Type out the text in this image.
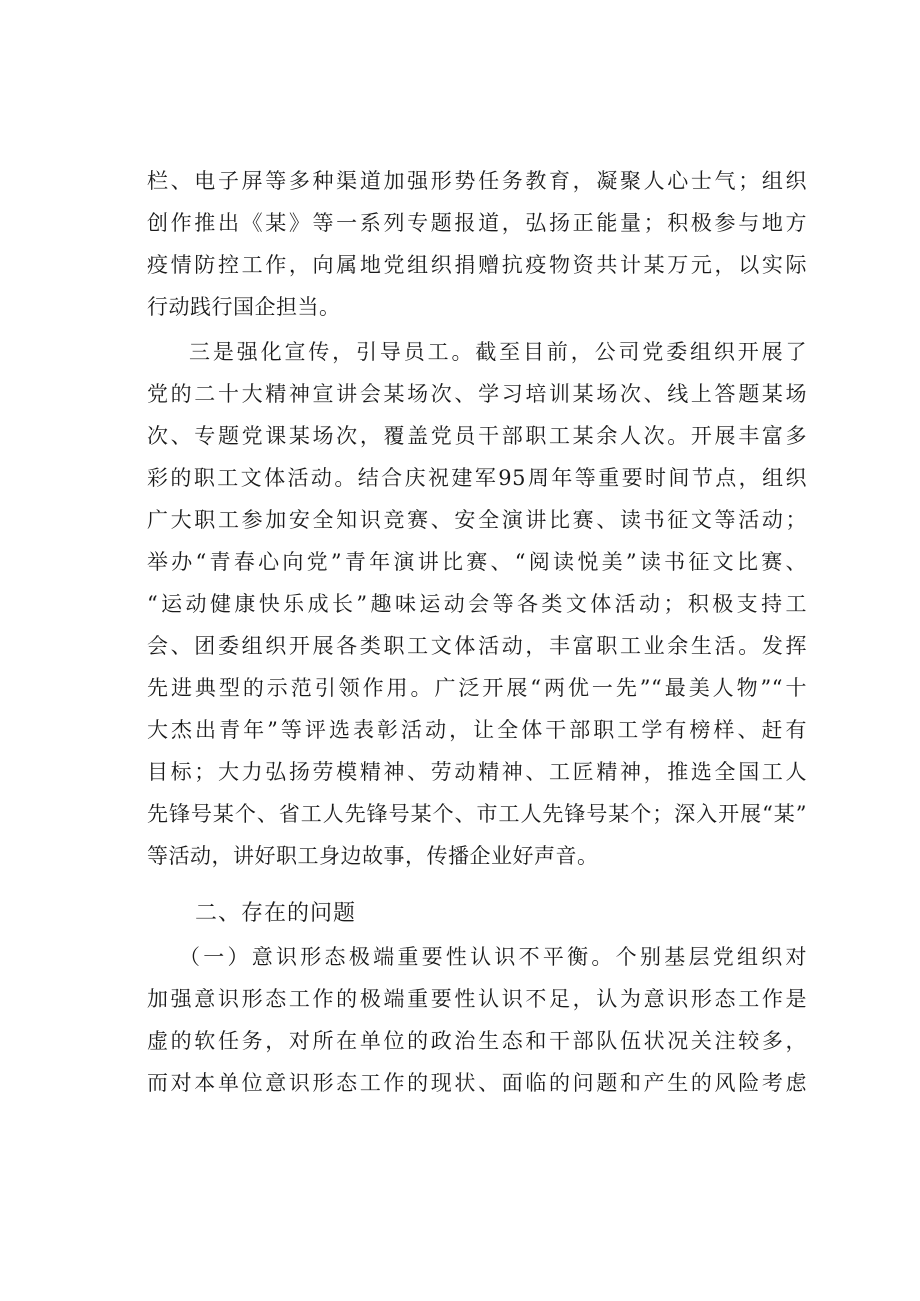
栏、电子屏等多种渠道加强形势任务教育，凝聚人心士气；组织
创作推出《某》等一系列专题报道，弘扬正能量；积极参与地方
疫情防控工作，向属地党组织捐赠抗疫物资共计某万元，以实际
行动践行国企担当。
三是强化宣传，引导员工。截至目前，公司党委组织开展了
党的二十大精神宣讲会某场次、学习培训某场次、线上答题某场
次、专题党课某场次，覆盖党员干部职工某余人次。开展丰富多
彩的职工文体活动。结合庆祝建军95周年等重要时间节点，组织
广大职工参加安全知识竞赛、安全演讲比赛、读书征文等活动；
举办“青春心向党”青年演讲比赛、“阅读悦美”读书征文比赛、
“运动健康快乐成长”趣味运动会等各类文体活动；积极支持工
会、团委组织开展各类职工文体活动，丰富职工业余生活。发挥
先进典型的示范引领作用。广泛开展“两优一先”“最美人物”“十
大杰出青年”等评选表彰活动，让全体干部职工学有榜样、赶有
目标；大力弘扬劳模精神、劳动精神、工匠精神，推选全国工人
先锋号某个、省工人先锋号某个、市工人先锋号某个；深入开展“某”
等活动，讲好职工身边故事，传播企业好声音。
二、存在的问题
（一）意识形态极端重要性认识不平衡。个别基层党组织对
加强意识形态工作的极端重要性认识不足，认为意识形态工作是
虚的软任务，对所在单位的政治生态和干部队伍状况关注较多，
而对本单位意识形态工作的现状、面临的问题和产生的风险考虑
